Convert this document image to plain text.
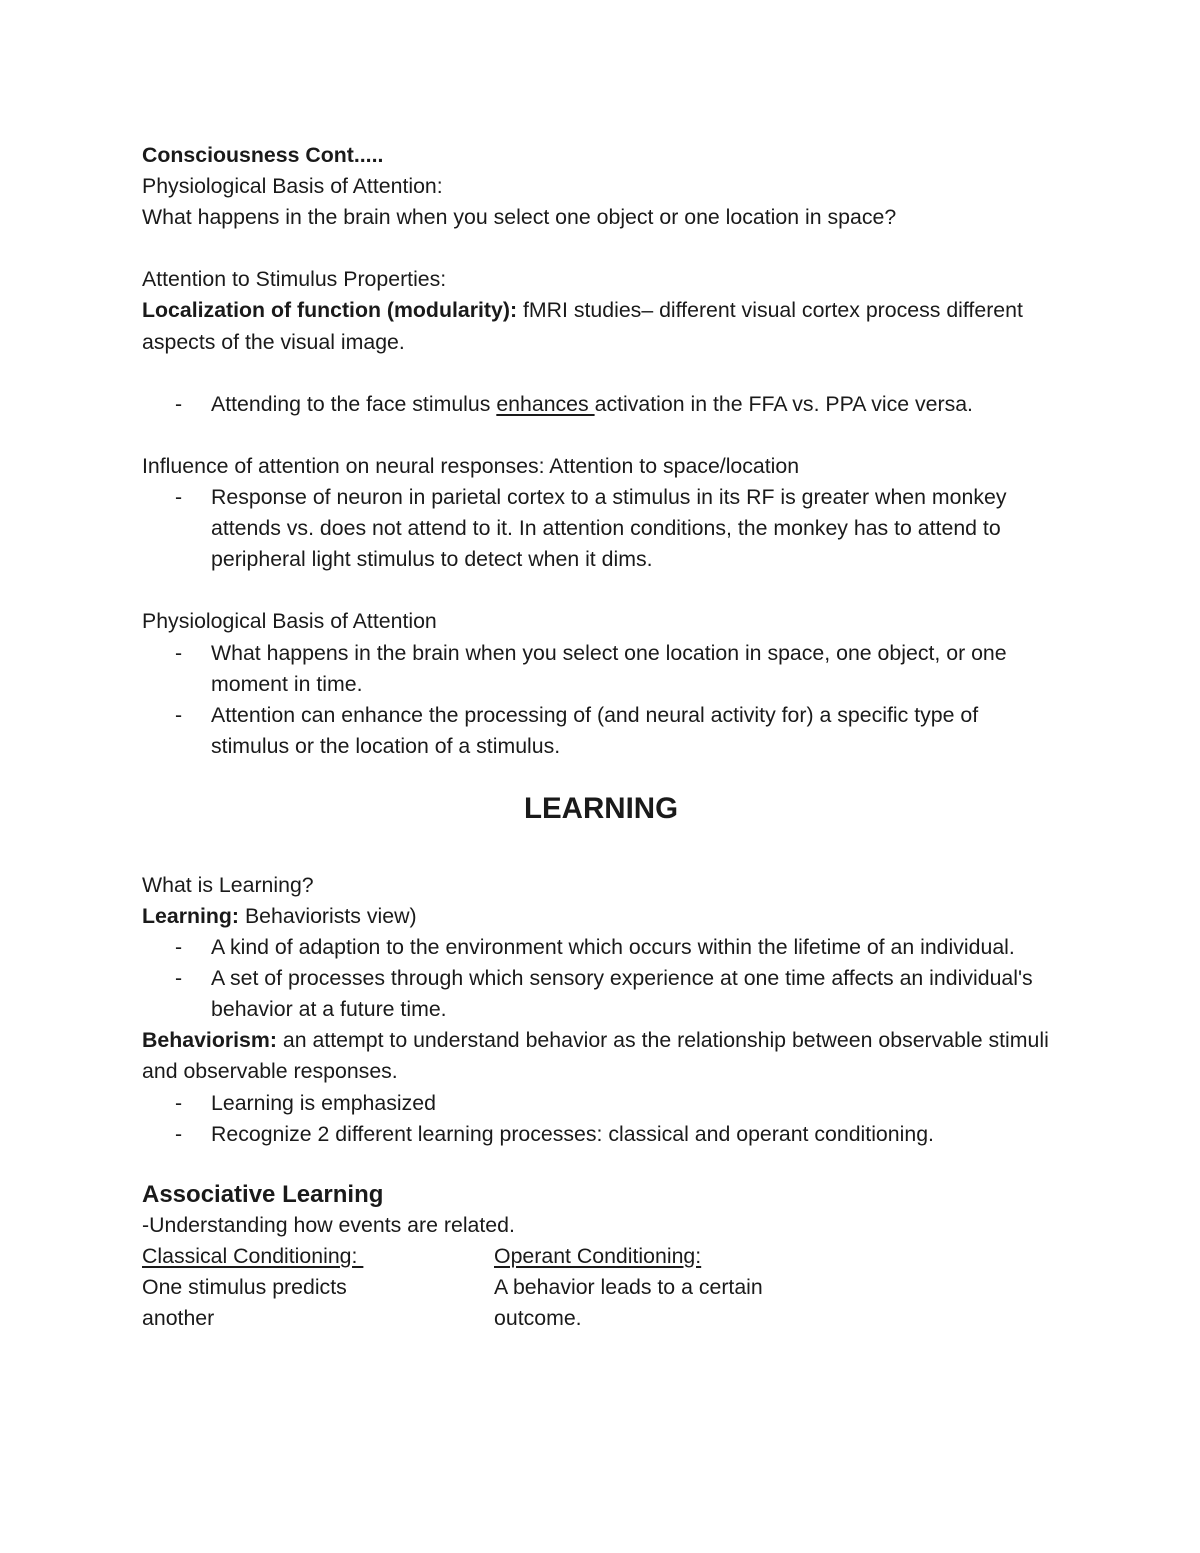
Consciousness Cont.....

Physiological Basis of Attention:

What happens in the brain when you select one object or one location in space?

Attention to Stimulus Properties:

Localization of function (modularity): fMRI studies– different visual cortex process different aspects of the visual image.

- Attending to the face stimulus enhances activation in the FFA vs. PPA vice versa.

Influence of attention on neural responses: Attention to space/location

- Response of neuron in parietal cortex to a stimulus in its RF is greater when monkey attends vs. does not attend to it. In attention conditions, the monkey has to attend to peripheral light stimulus to detect when it dims.

Physiological Basis of Attention

- What happens in the brain when you select one location in space, one object, or one moment in time.
- Attention can enhance the processing of (and neural activity for) a specific type of stimulus or the location of a stimulus.

LEARNING

What is Learning?

Learning: Behaviorists view)

- A kind of adaption to the environment which occurs within the lifetime of an individual.
- A set of processes through which sensory experience at one time affects an individual's behavior at a future time.

Behaviorism: an attempt to understand behavior as the relationship between observable stimuli and observable responses.

- Learning is emphasized
- Recognize 2 different learning processes: classical and operant conditioning.

Associative Learning

-Understanding how events are related.

Classical Conditioning:

One stimulus predicts another

Operant Conditioning:

A behavior leads to a certain outcome.
